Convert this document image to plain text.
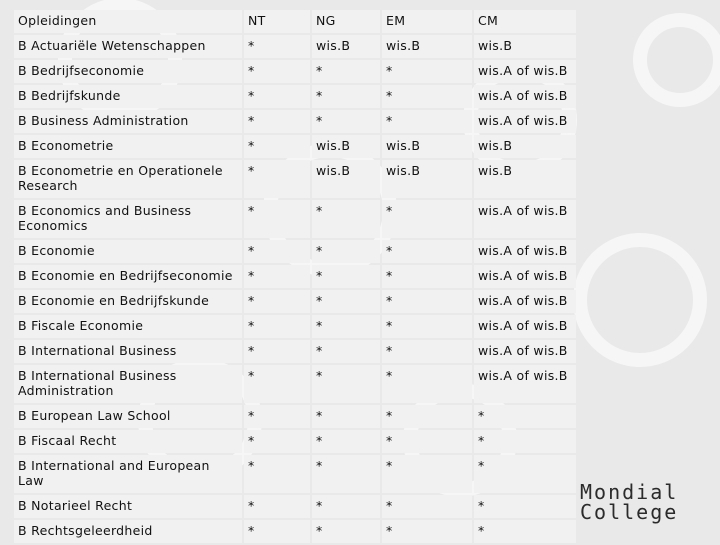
Opleidingen	NT	NG	EM	CM
B Actuariële Wetenschappen	*	wis.B	wis.B	wis.B
B Bedrijfseconomie	*	*	*	wis.A of wis.B
B Bedrijfskunde	*	*	*	wis.A of wis.B
B Business Administration	*	*	*	wis.A of wis.B
B Econometrie	*	wis.B	wis.B	wis.B
B Econometrie en Operationele Research	*	wis.B	wis.B	wis.B
B Economics and Business Economics	*	*	*	wis.A of wis.B
B Economie	*	*	*	wis.A of wis.B
B Economie en Bedrijfseconomie	*	*	*	wis.A of wis.B
B Economie en Bedrijfskunde	*	*	*	wis.A of wis.B
B Fiscale Economie	*	*	*	wis.A of wis.B
B International Business	*	*	*	wis.A of wis.B
B International Business Administration	*	*	*	wis.A of wis.B
B European Law School	*	*	*	*
B Fiscaal Recht	*	*	*	*
B International and European Law	*	*	*	*
B Notarieel Recht	*	*	*	*
B Rechtsgeleerdheid	*	*	*	*
Mondial
College
